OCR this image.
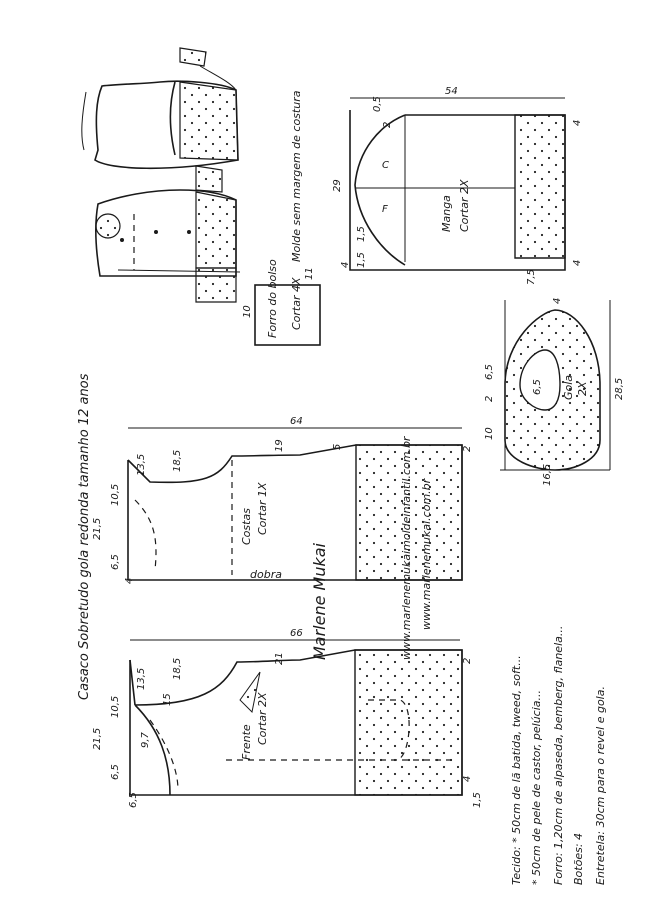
Casaco Sobretudo gola redonda tamanho 12 anos	Marlene Mukai
Tecido: * 50cm de lã batida, tweed, soft... * 50cm de pele de castor, pelúcia... Forro: 1,20cm de alpaseda, bemberg, flanela... Botões: 4 Entretela: 30cm para o revel e gola.
66
Frente Cortar 2X
21,5
13,5
10,5
6,5
18,5
15
21
6,5
2
4
1,5
9,7
64
Costas Cortar 1X
dobra
21,5
13,5
10,5
6,5
18,5
19	5	2
4
54
29
2
0,5
1,5
4 1,5
7,5
4
4
C
F	Manga Cortar 2X
Molde sem margem de costura
Forro do bolso Cortar 4X
10
11
28,5
16,5
10
2
6,5
4
6,5 Gola 2X
